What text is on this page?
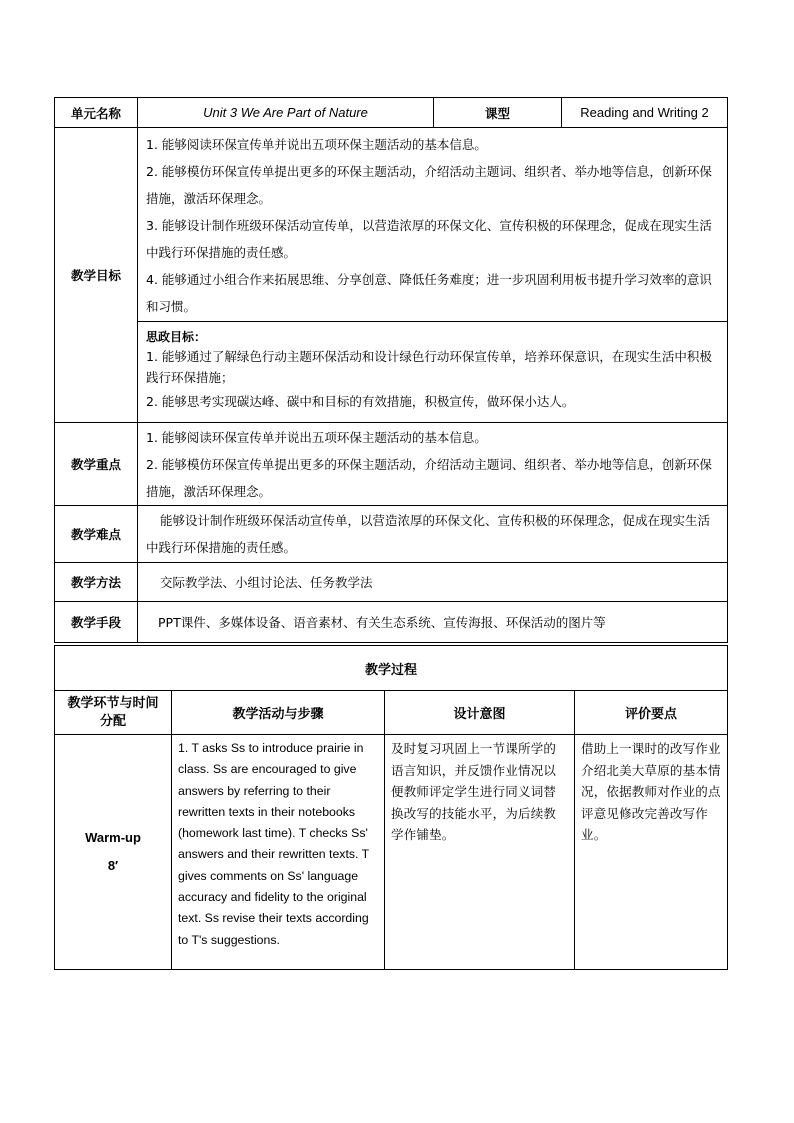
单元名称	Unit 3 We Are Part of Nature	课型	Reading and Writing 2
教学目标	1. 能够阅读环保宣传单并说出五项环保主题活动的基本信息。
2. 能够模仿环保宣传单提出更多的环保主题活动，介绍活动主题词、组织者、举办地等信息，创新环保措施，激活环保理念。
3. 能够设计制作班级环保活动宣传单，以营造浓厚的环保文化、宣传积极的环保理念，促成在现实生活中践行环保措施的责任感。
4. 能够通过小组合作来拓展思维、分享创意、降低任务难度；进一步巩固利用板书提升学习效率的意识和习惯。		

	思政目标：
1. 能够通过了解绿色行动主题环保活动和设计绿色行动环保宣传单，培养环保意识，在现实生活中积极践行环保措施；
2. 能够思考实现碳达峰、碳中和目标的有效措施，积极宣传，做环保小达人。		

教学重点	1. 能够阅读环保宣传单并说出五项环保主题活动的基本信息。
2. 能够模仿环保宣传单提出更多的环保主题活动，介绍活动主题词、组织者、举办地等信息，创新环保措施，激活环保理念。		

教学难点	能够设计制作班级环保活动宣传单，以营造浓厚的环保文化、宣传积极的环保理念，促成在现实生活中践行环保措施的责任感。		

教学方法	交际教学法、小组讨论法、任务教学法		

教学手段	PPT课件、多媒体设备、语音素材、有关生态系统、宣传海报、环保活动的图片等		
教学过程			
教学环节与时间分配	教学活动与步骤	设计意图	评价要点

Warm-up
8′	1. T asks Ss to introduce prairie in class. Ss are encouraged to give answers by referring to their rewritten texts in their notebooks (homework last time). T checks Ss' answers and their rewritten texts. T gives comments on Ss' language accuracy and fidelity to the original text. Ss revise their texts according to T's suggestions.	及时复习巩固上一节课所学的语言知识，并反馈作业情况以便教师评定学生进行同义词替换改写的技能水平，为后续教学作铺垫。	借助上一课时的改写作业介绍北美大草原的基本情况，依据教师对作业的点评意见修改完善改写作业。
